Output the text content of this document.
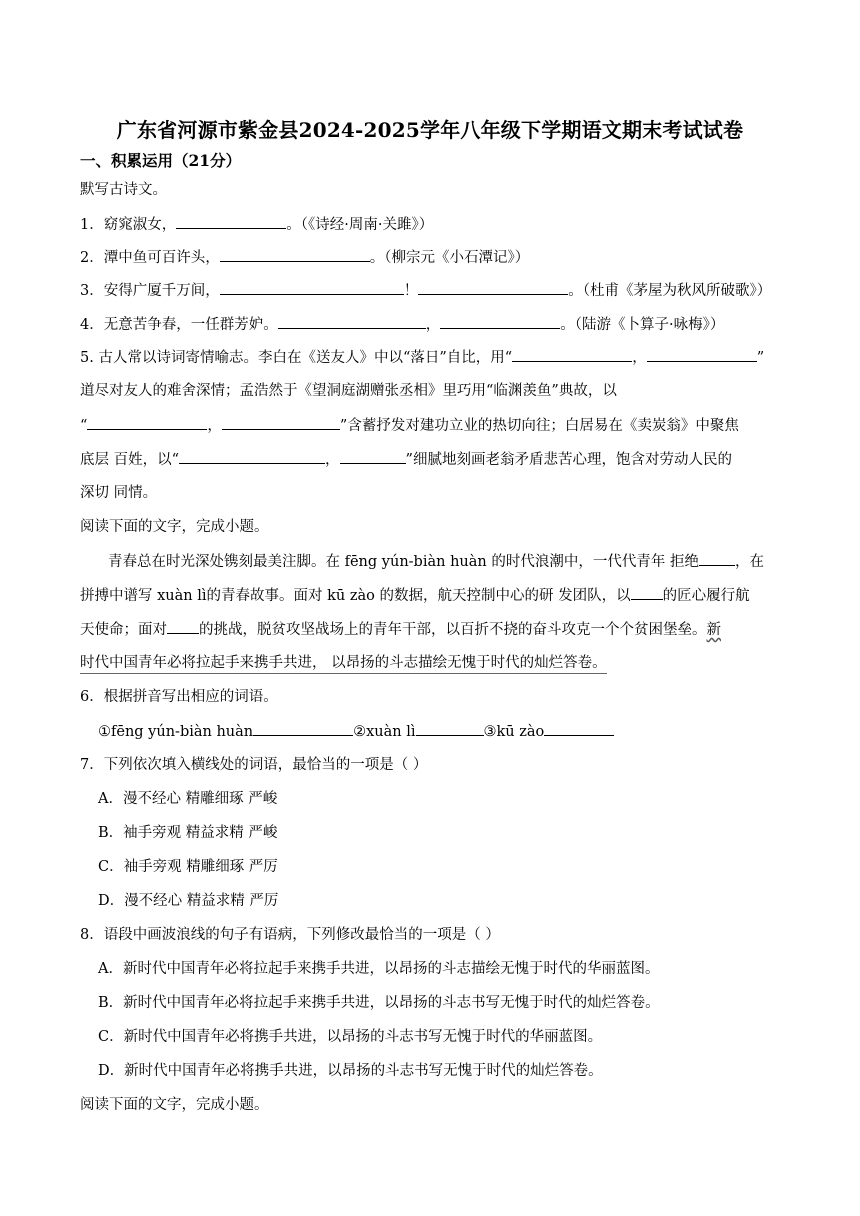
广东省河源市紫金县2024-2025学年八年级下学期语文期末考试试卷
一、积累运用（21分）
默写古诗文。
1．窈窕淑女，	。（《诗经·周南·关雎》）
2．潭中鱼可百许头，	。（柳宗元《小石潭记》）
3．安得广厦千万间，	！	。（杜甫《茅屋为秋风所破歌》）
4．无意苦争春，一任群芳妒。	，	。（陆游《卜算子·咏梅》）
5. 古人常以诗词寄情喻志。李白在《送友人》中以“落日”自比，用“	，	”
道尽对友人的难舍深情；孟浩然于《望洞庭湖赠张丞相》里巧用“临渊羡鱼”典故，以
“	，	”含蓄抒发对建功立业的热切向往；白居易在《卖炭翁》中聚焦
底层 百姓，以“	，	”细腻地刻画老翁矛盾悲苦心理，饱含对劳动人民的
深切 同情。
阅读下面的文字，完成小题。
青春总在时光深处镌刻最美注脚。在 fēng yún-biàn huàn 的时代浪潮中，一代代青年 拒绝 ，在
拼搏中谱写 xuàn lì的青春故事。面对 kū zào 的数据，航天控制中心的研 发团队，以 的匠心履行航
天使命；面对 的挑战，脱贫攻坚战场上的青年干部，以百折不挠的奋斗攻克一个个贫困堡垒。新
时代中国青年必将拉起手来携手共进， 以昂扬的斗志描绘无愧于时代的灿烂答卷。
6．根据拼音写出相应的词语。
①fēng yún-biàn huàn	②xuàn lì	③kū zào
7．下列依次填入横线处的词语，最恰当的一项是（ ）
A．漫不经心 精雕细琢 严峻
B．袖手旁观 精益求精 严峻
C．袖手旁观 精雕细琢 严厉
D．漫不经心 精益求精 严厉
8．语段中画波浪线的句子有语病，下列修改最恰当的一项是（ ）
A．新时代中国青年必将拉起手来携手共进，以昂扬的斗志描绘无愧于时代的华丽蓝图。
B．新时代中国青年必将拉起手来携手共进，以昂扬的斗志书写无愧于时代的灿烂答卷。
C．新时代中国青年必将携手共进，以昂扬的斗志书写无愧于时代的华丽蓝图。
D．新时代中国青年必将携手共进，以昂扬的斗志书写无愧于时代的灿烂答卷。
阅读下面的文字，完成小题。
